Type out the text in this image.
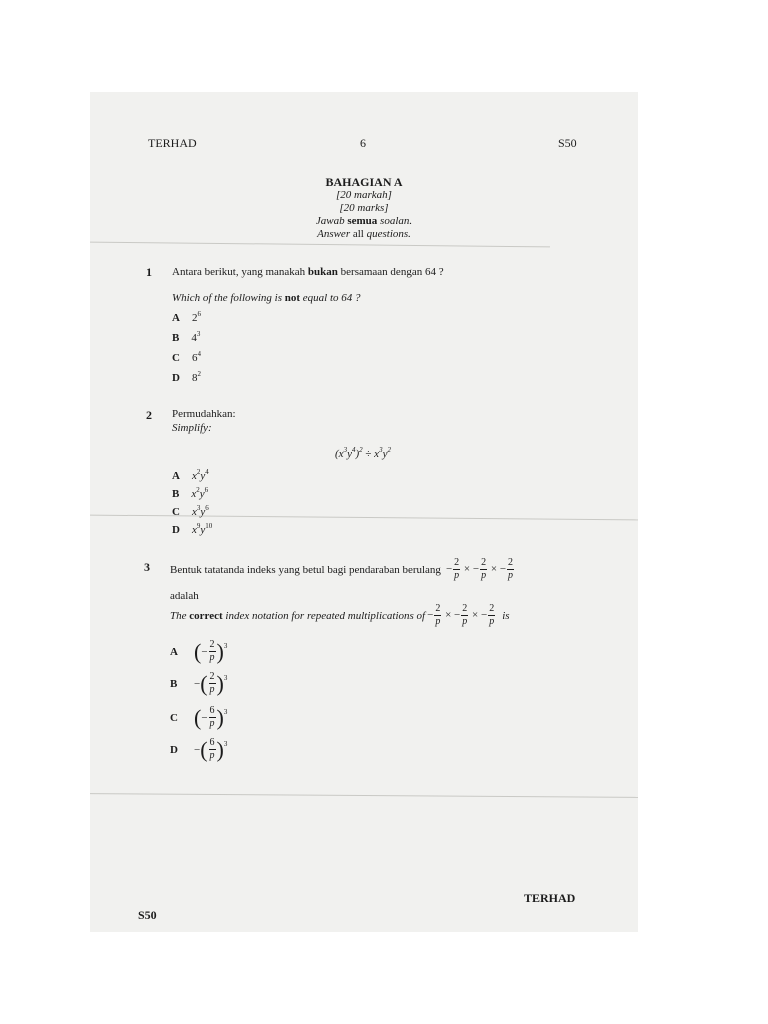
TERHAD	6	S50
BAHAGIAN A
[20 markah]
[20 marks]
Jawab semua soalan.
Answer all questions.
1 Antara berikut, yang manakah bukan bersamaan dengan 64 ?
Which of the following is not equal to 64 ?
A $2^6$
B $4^3$
C $6^4$
D $8^2$
2 Permudahkan:
Simplify:
$(x^3y^4)^2 \div x^3y^2$
A $x^2y^4$
B $x^2y^6$
C $x^3y^6$
D $x^9y^{10}$
3 Bentuk tatatanda indeks yang betul bagi pendaraban berulang − $\frac{2}{p}$ × − $\frac{2}{p}$ × − $\frac{2}{p}$
adalah
The
correct
index notation for repeated multiplications of − $\frac{2}{p}$ × − $\frac{2}{p}$ × − $\frac{2}{p}$ is
A ( − $\frac{2}{p}$ ) 3
B	− ( $\frac{2}{p}$ ) 3
C ( − $\frac{6}{p}$ ) 3
D	− ( $\frac{6}{p}$ ) 3
TERHAD
S50
